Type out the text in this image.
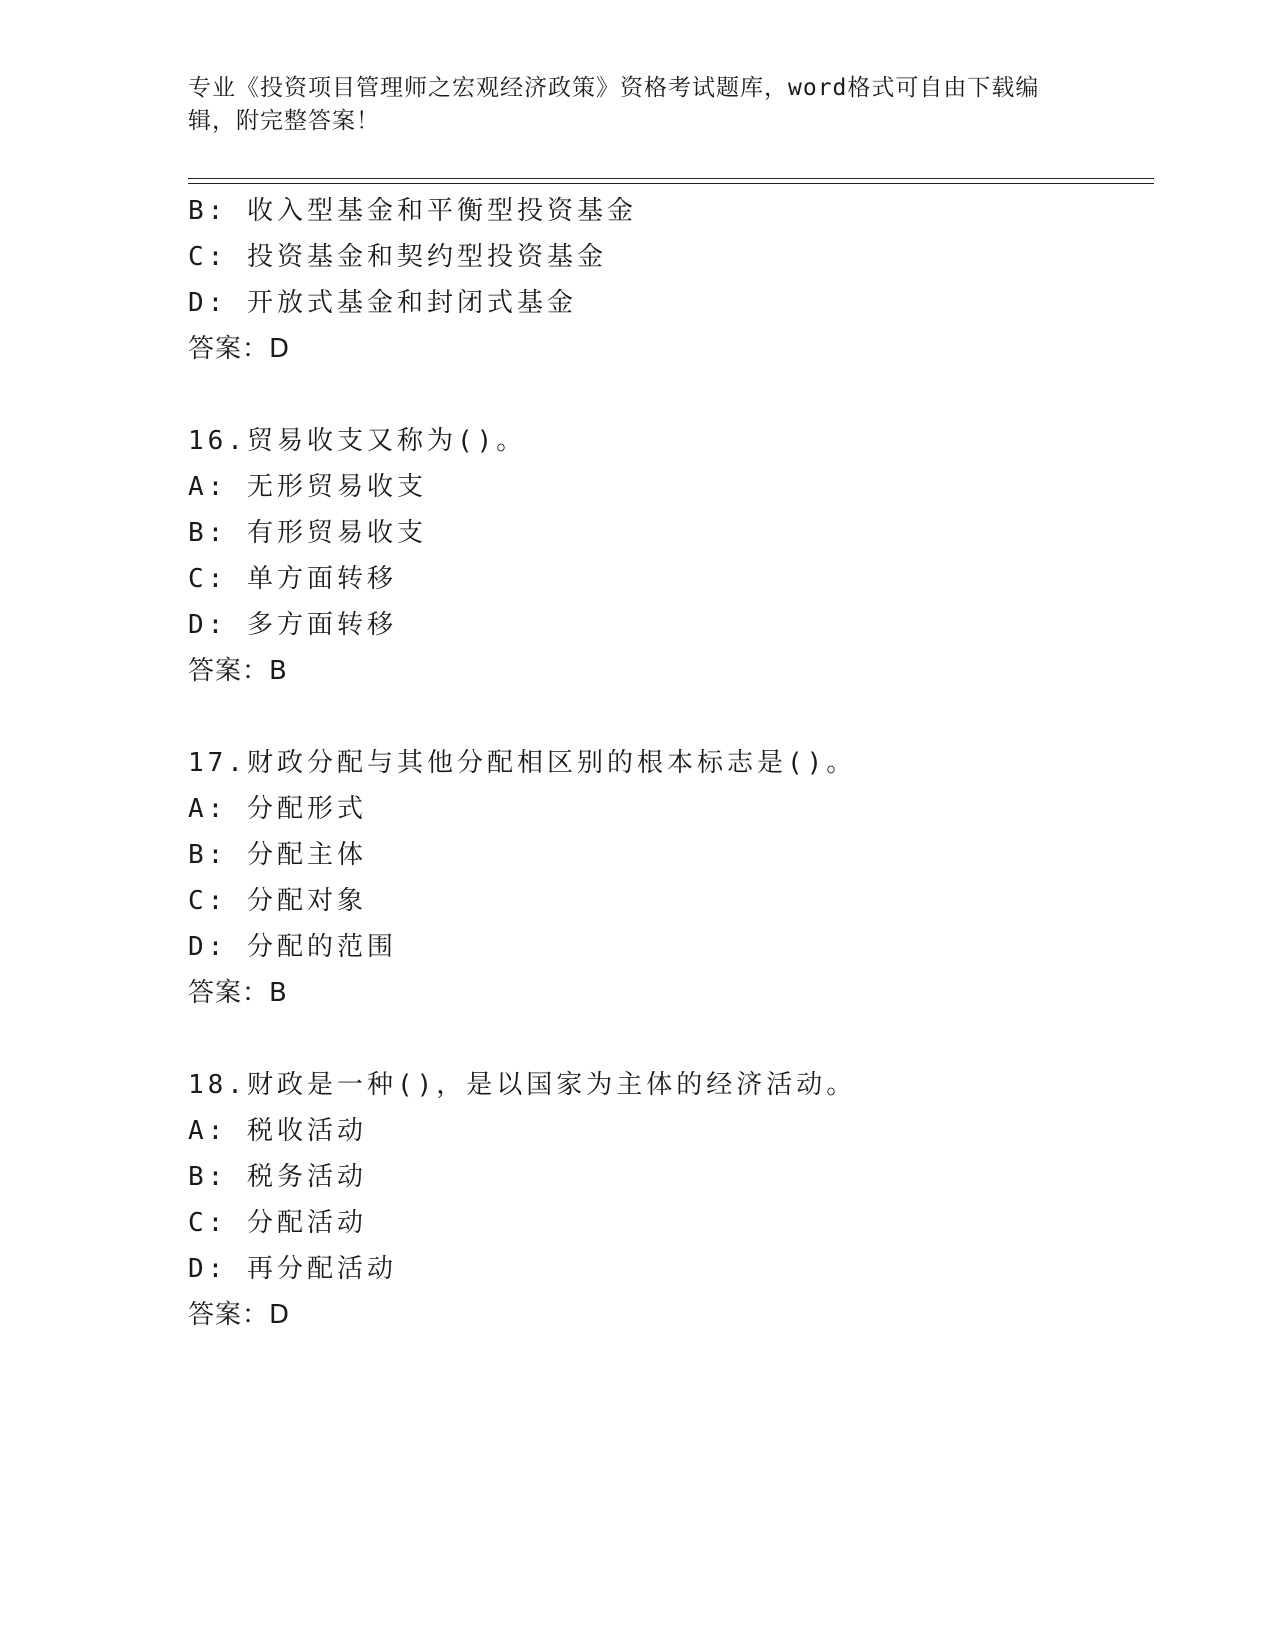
专业《投资项目管理师之宏观经济政策》资格考试题库，word格式可自由下载编辑，附完整答案！
B: 收入型基金和平衡型投资基金
C: 投资基金和契约型投资基金
D: 开放式基金和封闭式基金
答案：D
16.贸易收支又称为()。
A: 无形贸易收支
B: 有形贸易收支
C: 单方面转移
D: 多方面转移
答案：B
17.财政分配与其他分配相区别的根本标志是()。
A: 分配形式
B: 分配主体
C: 分配对象
D: 分配的范围
答案：B
18.财政是一种()，是以国家为主体的经济活动。
A: 税收活动
B: 税务活动
C: 分配活动
D: 再分配活动
答案：D
